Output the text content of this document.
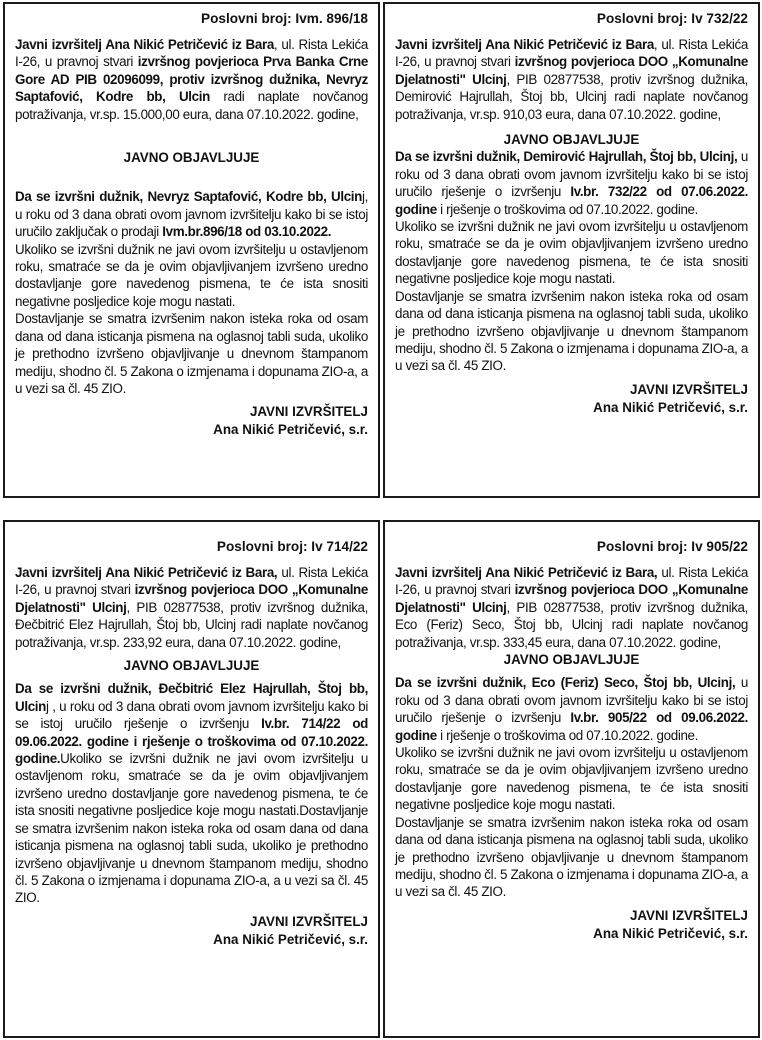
Poslovni broj: Ivm. 896/18

Javni izvršitelj Ana Nikić Petričević iz Bara, ul. Rista Lekića I-26, u pravnoj stvari izvršnog povjerioca Prva Banka Crne Gore AD PIB 02096099, protiv izvršnog dužnika, Nevryz Saptafović, Kodre bb, Ulcin radi naplate novčanog potraživanja, vr.sp. 15.000,00 eura, dana 07.10.2022. godine,

JAVNO OBJAVLJUJE

Da se izvršni dužnik, Nevryz Saptafović, Kodre bb, Ulcinj, u roku od 3 dana obrati ovom javnom izvršitelju kako bi se istoj uručilo zaključak o prodaji Ivm.br.896/18 od 03.10.2022.

Ukoliko se izvršni dužnik ne javi ovom izvršitelju u ostavljenom roku, smatraće se da je ovim objavljivanjem izvršeno uredno dostavljanje gore navedenog pismena, te će ista snositi negativne posljedice koje mogu nastati.

Dostavljanje se smatra izvršenim nakon isteka roka od osam dana od dana isticanja pismena na oglasnoj tabli suda, ukoliko je prethodno izvršeno objavljivanje u dnevnom štampanom mediju, shodno čl. 5 Zakona o izmjenama i dopunama ZIO-a, a u vezi sa čl. 45 ZIO.

JAVNI IZVRŠITELJ

Ana Nikić Petričević, s.r.

Poslovni broj: Iv 732/22

Javni izvršitelj Ana Nikić Petričević iz Bara, ul. Rista Lekića I-26, u pravnoj stvari izvršnog povjerioca DOO „Komunalne Djelatnosti" Ulcinj, PIB 02877538, protiv izvršnog dužnika, Demirović Hajrullah, Štoj bb, Ulcinj radi naplate novčanog potraživanja, vr.sp. 910,03 eura, dana 07.10.2022. godine,

JAVNO OBJAVLJUJE

Da se izvršni dužnik, Demirović Hajrullah, Štoj bb, Ulcinj, u roku od 3 dana obrati ovom javnom izvršitelju kako bi se istoj uručilo rješenje o izvršenju Iv.br. 732/22 od 07.06.2022. godine i rješenje o troškovima od 07.10.2022. godine.

Ukoliko se izvršni dužnik ne javi ovom izvršitelju u ostavljenom roku, smatraće se da je ovim objavljivanjem izvršeno uredno dostavljanje gore navedenog pismena, te će ista snositi negativne posljedice koje mogu nastati.

Dostavljanje se smatra izvršenim nakon isteka roka od osam dana od dana isticanja pismena na oglasnoj tabli suda, ukoliko je prethodno izvršeno objavljivanje u dnevnom štampanom mediju, shodno čl. 5 Zakona o izmjenama i dopunama ZIO-a, a u vezi sa čl. 45 ZIO.

JAVNI IZVRŠITELJ

Ana Nikić Petričević, s.r.

Poslovni broj: Iv 714/22

Javni izvršitelj Ana Nikić Petričević iz Bara, ul. Rista Lekića I-26, u pravnoj stvari izvršnog povjerioca DOO „Komunalne Djelatnosti" Ulcinj, PIB 02877538, protiv izvršnog dužnika, Đečbitrić Elez Hajrullah, Štoj bb, Ulcinj radi naplate novčanog potraživanja, vr.sp. 233,92 eura, dana 07.10.2022. godine,

JAVNO OBJAVLJUJE

Da se izvršni dužnik, Đečbitrić Elez Hajrullah, Štoj bb, Ulcinj , u roku od 3 dana obrati ovom javnom izvršitelju kako bi se istoj uručilo rješenje o izvršenju Iv.br. 714/22 od 09.06.2022. godine i rješenje o troškovima od 07.10.2022. godine.Ukoliko se izvršni dužnik ne javi ovom izvršitelju u ostavljenom roku, smatraće se da je ovim objavljivanjem izvršeno uredno dostavljanje gore navedenog pismena, te će ista snositi negativne posljedice koje mogu nastati.Dostavljanje se smatra izvršenim nakon isteka roka od osam dana od dana isticanja pismena na oglasnoj tabli suda, ukoliko je prethodno izvršeno objavljivanje u dnevnom štampanom mediju, shodno čl. 5 Zakona o izmjenama i dopunama ZIO-a, a u vezi sa čl. 45 ZIO.

JAVNI IZVRŠITELJ

Ana Nikić Petričević, s.r.

Poslovni broj: Iv 905/22

Javni izvršitelj Ana Nikić Petričević iz Bara, ul. Rista Lekića I-26, u pravnoj stvari izvršnog povjerioca DOO „Komunalne Djelatnosti" Ulcinj, PIB 02877538, protiv izvršnog dužnika, Eco (Feriz) Seco, Štoj bb, Ulcinj radi naplate novčanog potraživanja, vr.sp. 333,45 eura, dana 07.10.2022. godine,

JAVNO OBJAVLJUJE

Da se izvršni dužnik, Eco (Feriz) Seco, Štoj bb, Ulcinj, u roku od 3 dana obrati ovom javnom izvršitelju kako bi se istoj uručilo rješenje o izvršenju Iv.br. 905/22 od 09.06.2022. godine i rješenje o troškovima od 07.10.2022. godine.

Ukoliko se izvršni dužnik ne javi ovom izvršitelju u ostavljenom roku, smatraće se da je ovim objavljivanjem izvršeno uredno dostavljanje gore navedenog pismena, te će ista snositi negativne posljedice koje mogu nastati.

Dostavljanje se smatra izvršenim nakon isteka roka od osam dana od dana isticanja pismena na oglasnoj tabli suda, ukoliko je prethodno izvršeno objavljivanje u dnevnom štampanom mediju, shodno čl. 5 Zakona o izmjenama i dopunama ZIO-a, a u vezi sa čl. 45 ZIO.

JAVNI IZVRŠITELJ

Ana Nikić Petričević, s.r.
